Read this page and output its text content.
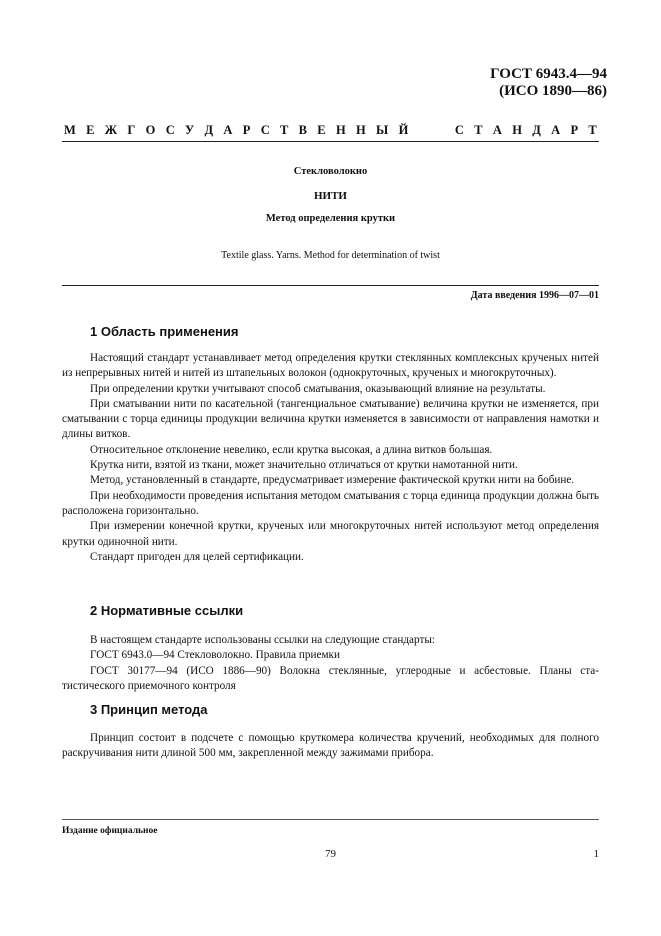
ГОСТ 6943.4—94
(ИСО 1890—86)
М Е Ж Г О С У Д А Р С Т В Е Н Н Ы Й	С Т А Н Д А Р Т
Стекловолокно
НИТИ
Метод определения крутки
Textile glass. Yarns. Method for determination of twist
Дата введения 1996—07—01
1 Область применения

Настоящий стандарт устанавливает метод определения крутки стеклянных комплексных крученых нитей из непрерывных нитей и нитей из штапельных волокон (однокруточных, крученых и многокруточных).

При определении крутки учитывают способ сматывания, оказывающий влияние на результаты.

При сматывании нити по касательной (тангенциальное сматывание) величина крутки не изменяется, при сматывании с торца единицы продукции величина крутки изменяется в зависимости от направления намотки и длины витков.

Относительное отклонение невелико, если крутка высокая, а длина витков большая.

Крутка нити, взятой из ткани, может значительно отличаться от крутки намотанной нити.

Метод, установленный в стандарте, предусматривает измерение фактической крутки нити на бобине.

При необходимости проведения испытания методом сматывания с торца единица продукции должна быть расположена горизонтально.

При измерении конечной крутки, крученых или многокруточных нитей используют метод определения крутки одиночной нити.

Стандарт пригоден для целей сертификации.

2 Нормативные ссылки

В настоящем стандарте использованы ссылки на следующие стандарты:

ГОСТ 6943.0—94 Стекловолокно. Правила приемки

ГОСТ 30177—94 (ИСО 1886—90) Волокна стеклянные, углеродные и асбестовые. Планы статистического приемочного контроля

3 Принцип метода

Принцип состоит в подсчете с помощью круткомера количества кручений, необходимых для полного раскручивания нити длиной 500 мм, закрепленной между зажимами прибора.

Издание официальное
79	1
